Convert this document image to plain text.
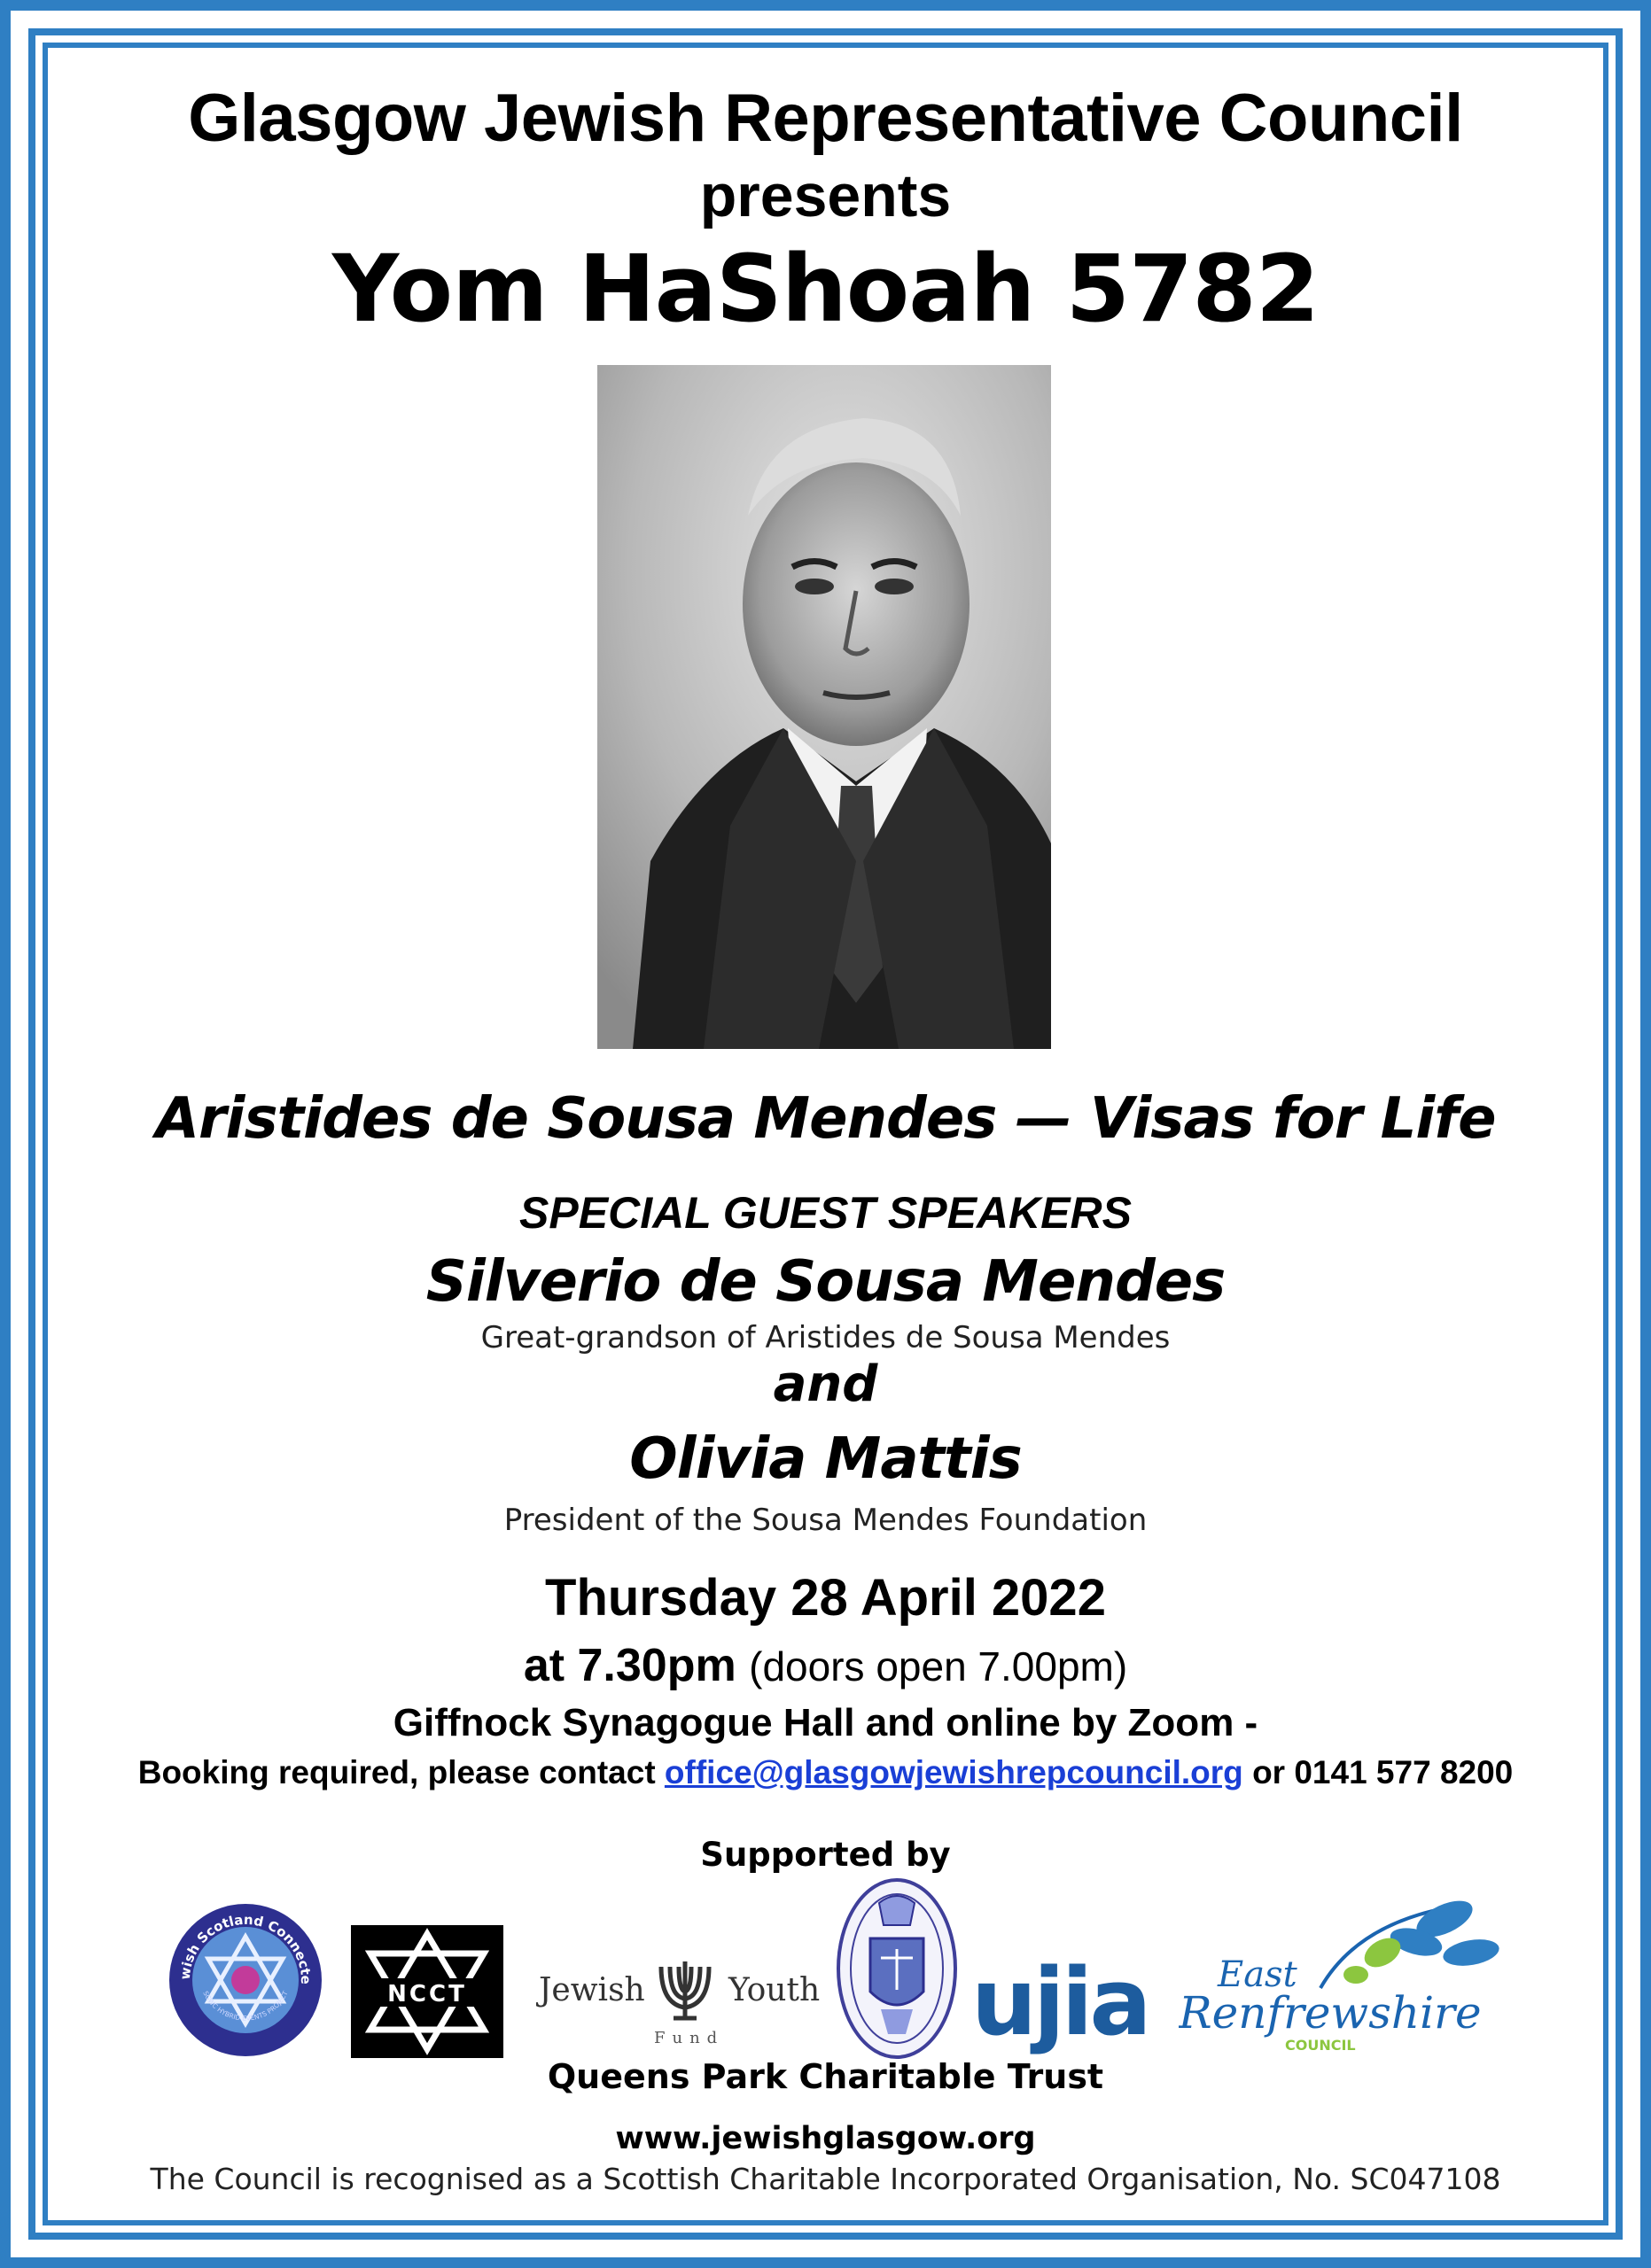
Glasgow Jewish Representative Council
presents
Yom HaShoah 5782
Aristides de Sousa Mendes — Visas for Life
SPECIAL GUEST SPEAKERS
Silverio de Sousa Mendes
Great-grandson of Aristides de Sousa Mendes
and
Olivia Mattis
President of the Sousa Mendes Foundation
Thursday 28 April 2022
at 7.30pm (doors open 7.00pm)
Giffnock Synagogue Hall and online by Zoom -
Booking required, please contact office@glasgowjewishrepcouncil.org or 0141 577 8200
Supported by
wish Scotland Connecte
SGWC HYBRID EVENTS PROJECT	NCCT Jewish	Youth
Fund	ujia	East
Renfrewshire
COUNCIL
Queens Park Charitable Trust
www.jewishglasgow.org
The Council is recognised as a Scottish Charitable Incorporated Organisation, No. SC047108
